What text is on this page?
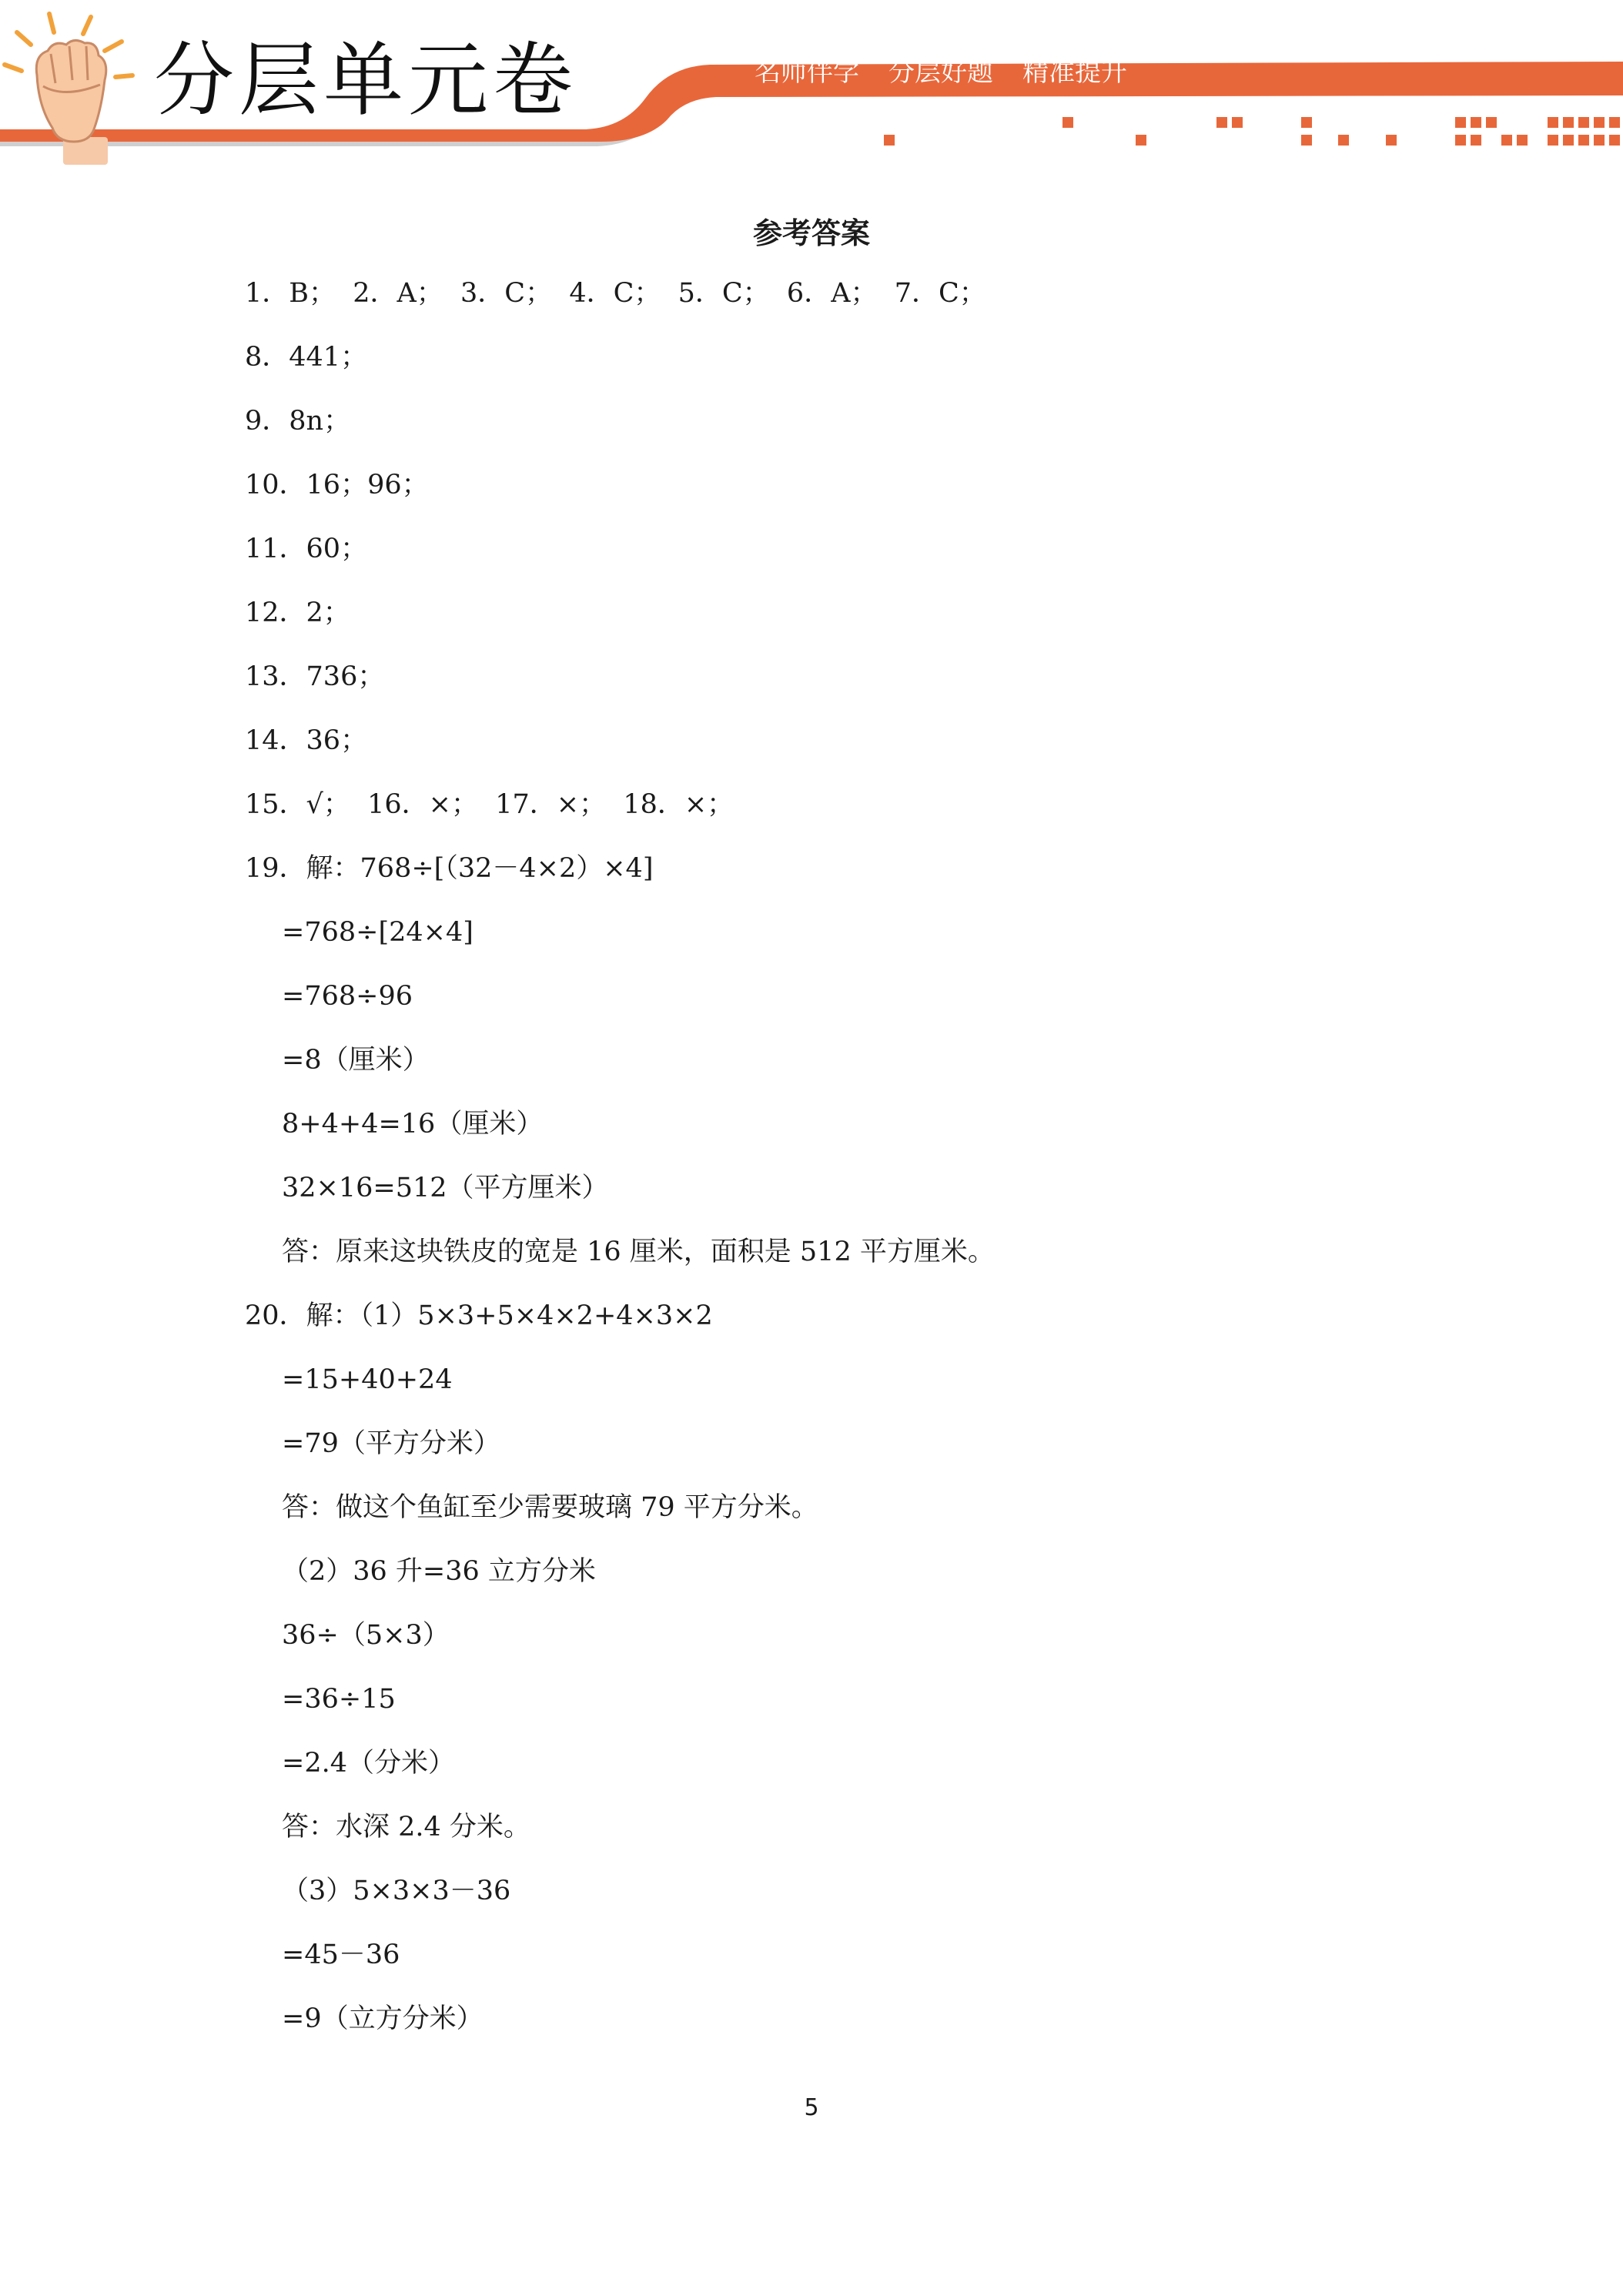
分层单元卷	名师伴学 分层好题 精准提升
参考答案
1．B；  2．A；  3．C；  4．C；  5．C；  6．A；  7．C；
8．441；
9．8n；
10．16；96；
11．60；
12．2；
13．736；
14．36；
15．√；  16．×；  17．×；  18．×；
19．解：768÷[（32－4×2）×4]
=768÷[24×4]
=768÷96
=8（厘米）
8+4+4=16（厘米）
32×16=512（平方厘米）
答：原来这块铁皮的宽是 16 厘米，面积是 512 平方厘米。
20．解：（1）5×3+5×4×2+4×3×2
=15+40+24
=79（平方分米）
答：做这个鱼缸至少需要玻璃 79 平方分米。
（2）36 升=36 立方分米
36÷（5×3）
=36÷15
=2.4（分米）
答：水深 2.4 分米。
（3）5×3×3－36
=45－36
=9（立方分米）
5
